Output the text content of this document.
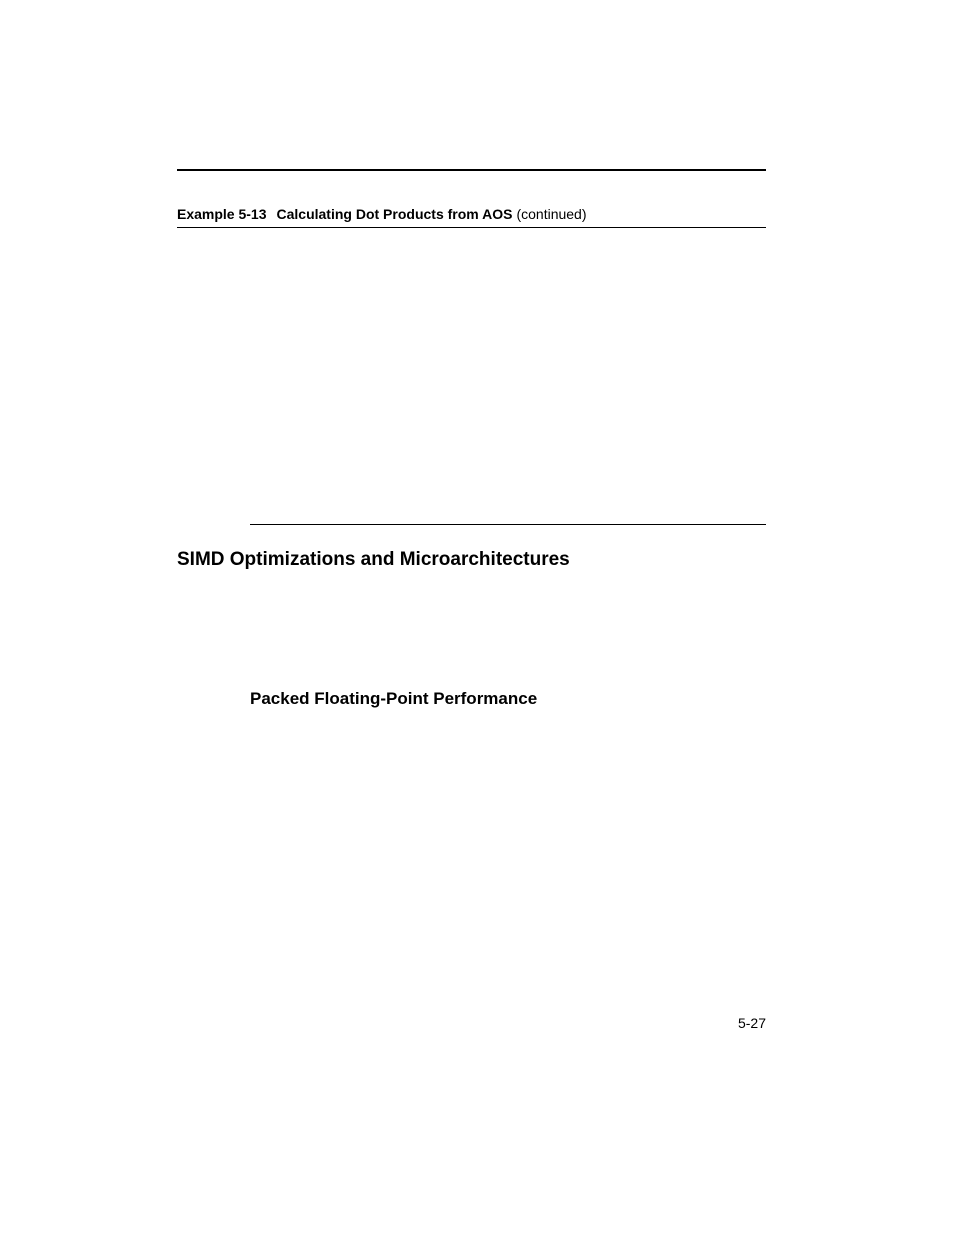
Example 5-13 Calculating Dot Products from AOS (continued)
SIMD Optimizations and Microarchitectures
Packed Floating-Point Performance
5-27
